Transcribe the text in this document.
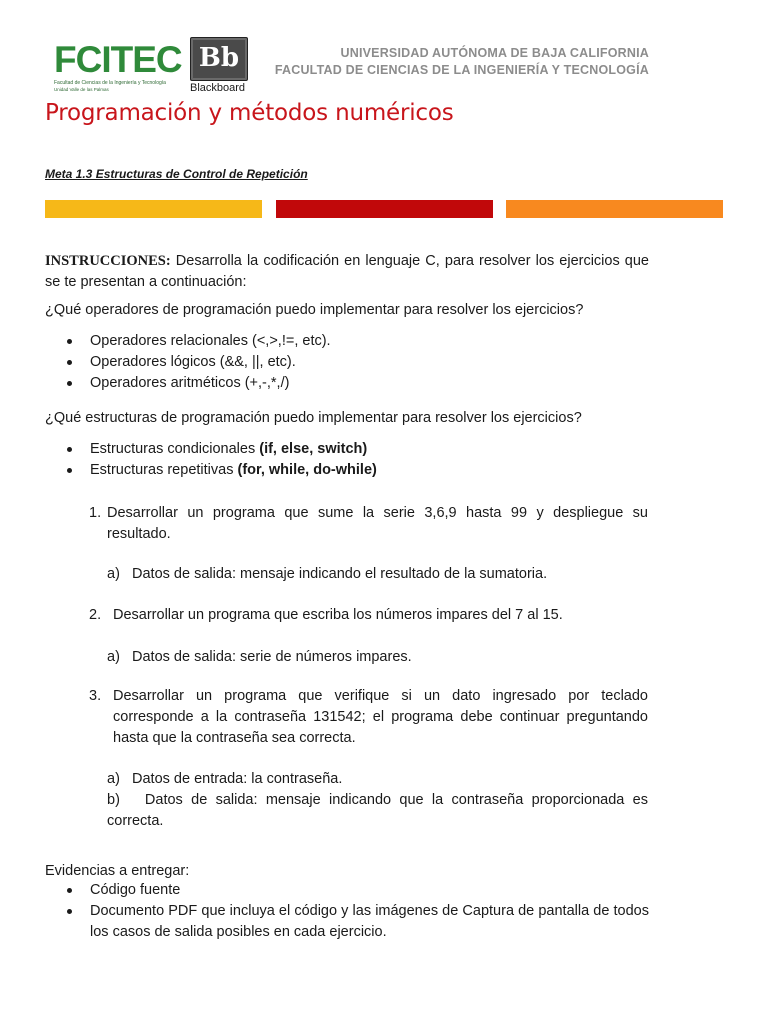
FCITEC
Facultad de Ciencias de la Ingeniería y Tecnología
Unidad Valle de las Palmas
Bb
Blackboard
UNIVERSIDAD AUTÓNOMA DE BAJA CALIFORNIA
FACULTAD DE CIENCIAS DE LA INGENIERÍA Y TECNOLOGÍA
Programación y métodos numéricos
Meta 1.3 Estructuras de Control de Repetición
INSTRUCCIONES: Desarrolla la codificación en lenguaje C, para resolver los ejercicios que se te presentan a continuación:
¿Qué operadores de programación puedo implementar para resolver los ejercicios?
Operadores relacionales (<,>,!=, etc).
Operadores lógicos (&&, ||, etc).
Operadores aritméticos (+,-,*,/)
¿Qué estructuras de programación puedo implementar para resolver los ejercicios?
Estructuras condicionales (if, else, switch)
Estructuras repetitivas (for, while, do-while)
1. Desarrollar un programa que sume la serie 3,6,9 hasta 99 y despliegue su resultado.
a) Datos de salida: mensaje indicando el resultado de la sumatoria.
2. Desarrollar un programa que escriba los números impares del 7 al 15.
a) Datos de salida: serie de números impares.
3. Desarrollar un programa que verifique si un dato ingresado por teclado corresponde a la contraseña 131542; el programa debe continuar preguntando hasta que la contraseña sea correcta.
a) Datos de entrada: la contraseña.
b) Datos de salida: mensaje indicando que la contraseña proporcionada es correcta.
Evidencias a entregar:
Código fuente
Documento PDF que incluya el código y las imágenes de Captura de pantalla de todos los casos de salida posibles en cada ejercicio.
